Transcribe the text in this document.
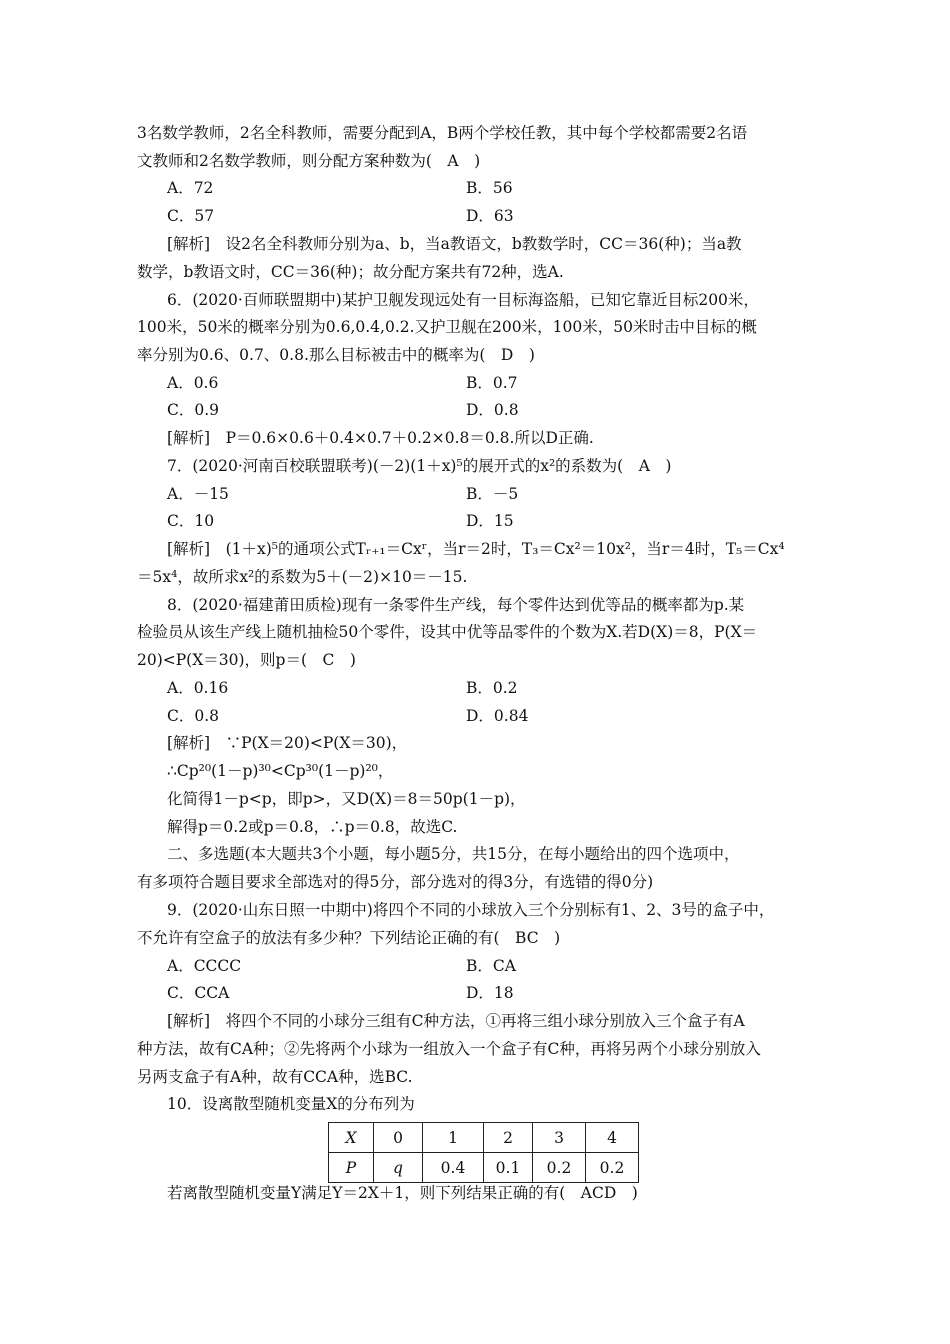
3名数学教师，2名全科教师，需要分配到A，B两个学校任教，其中每个学校都需要2名语
文教师和2名数学教师，则分配方案种数为(　A　)
A．72	B．56
C．57	D．63
[解析]　设2名全科教师分别为a、b，当a教语文，b教数学时，CC＝36(种)；当a教
数学，b教语文时，CC＝36(种)；故分配方案共有72种，选A.
6．(2020·百师联盟期中)某护卫舰发现远处有一目标海盗船，已知它靠近目标200米，
100米，50米的概率分别为0.6,0.4,0.2.又护卫舰在200米，100米，50米时击中目标的概
率分别为0.6、0.7、0.8.那么目标被击中的概率为(　D　)
A．0.6	B．0.7
C．0.9	D．0.8
[解析]　P＝0.6×0.6＋0.4×0.7＋0.2×0.8＝0.8.所以D正确.
7．(2020·河南百校联盟联考)(－2)(1＋x)⁵的展开式的x²的系数为(　A　)
A．－15	B．－5
C．10	D．15
[解析]　(1＋x)⁵的通项公式Tᵣ₊₁＝Cxʳ，当r＝2时，T₃＝Cx²＝10x²，当r＝4时，T₅＝Cx⁴
＝5x⁴，故所求x²的系数为5＋(－2)×10＝－15.
8．(2020·福建莆田质检)现有一条零件生产线，每个零件达到优等品的概率都为p.某
检验员从该生产线上随机抽检50个零件，设其中优等品零件的个数为X.若D(X)＝8，P(X＝
20)<P(X＝30)，则p＝(　C　)
A．0.16	B．0.2
C．0.8	D．0.84
[解析]　∵P(X＝20)<P(X＝30)，
∴Cp²⁰(1－p)³⁰<Cp³⁰(1－p)²⁰，
化简得1－p<p，即p>，又D(X)＝8＝50p(1－p)，
解得p＝0.2或p＝0.8，∴p＝0.8，故选C.
二、多选题(本大题共3个小题，每小题5分，共15分，在每小题给出的四个选项中，
有多项符合题目要求全部选对的得5分，部分选对的得3分，有选错的得0分)
9．(2020·山东日照一中期中)将四个不同的小球放入三个分别标有1、2、3号的盒子中，
不允许有空盒子的放法有多少种？下列结论正确的有(　BC　)
A．CCCC	B．CA
C．CCA	D．18
[解析]　将四个不同的小球分三组有C种方法，①再将三组小球分别放入三个盒子有A
种方法，故有CA种；②先将两个小球为一组放入一个盒子有C种，再将另两个小球分别放入
另两支盒子有A种，故有CCA种，选BC.
10．设离散型随机变量X的分布列为
X	0	1	2	3	4
P	q	0.4	0.1	0.2	0.2
若离散型随机变量Y满足Y＝2X＋1，则下列结果正确的有(　ACD　)
